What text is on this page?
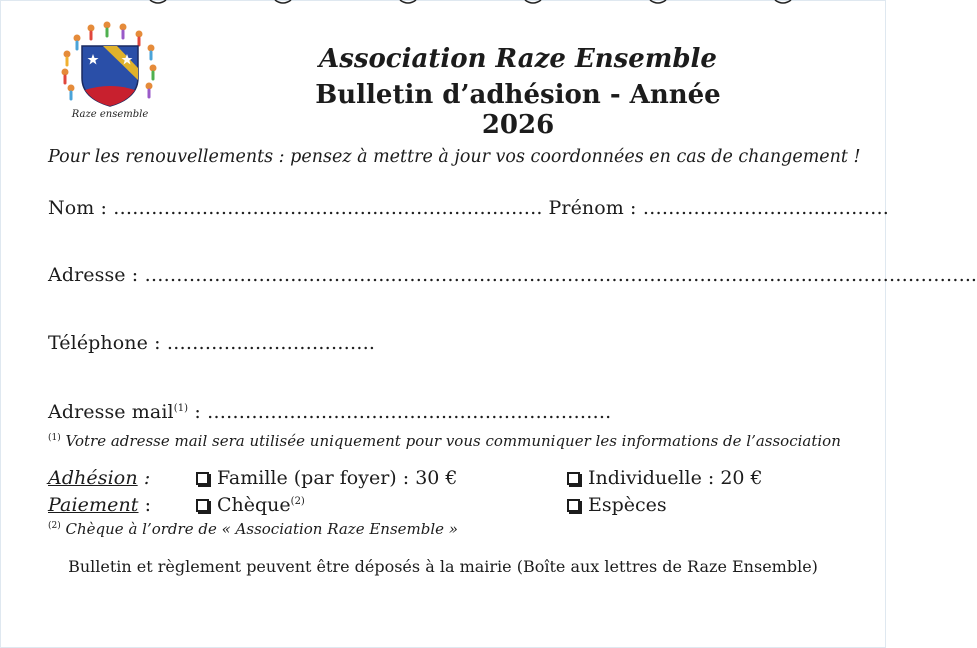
Raze ensemble
Association Raze Ensemble
Bulletin d’adhésion - Année 2026
Pour les renouvellements : pensez à mettre à jour vos coordonnées en cas de changement !
Nom : ……………………..……………..……………………. Prénom : ………………………..……….
Adresse : ……………………..…………..………………..……………………..………………..……………………..
Téléphone : …………..……………….
Adresse mail$^{(1)}$ : ……………….………………..…………………….
$^{(1)}$ Votre adresse mail sera utilisée uniquement pour vous communiquer les informations de l’association
Adhésion :	Famille (par foyer) : 30 €	Individuelle : 20 €
Paiement :	Chèque$^{(2)}$	Espèces
$^{(2)}$ Chèque à l’ordre de « Association Raze Ensemble »
Bulletin et règlement peuvent être déposés à la mairie (Boîte aux lettres de Raze Ensemble)
